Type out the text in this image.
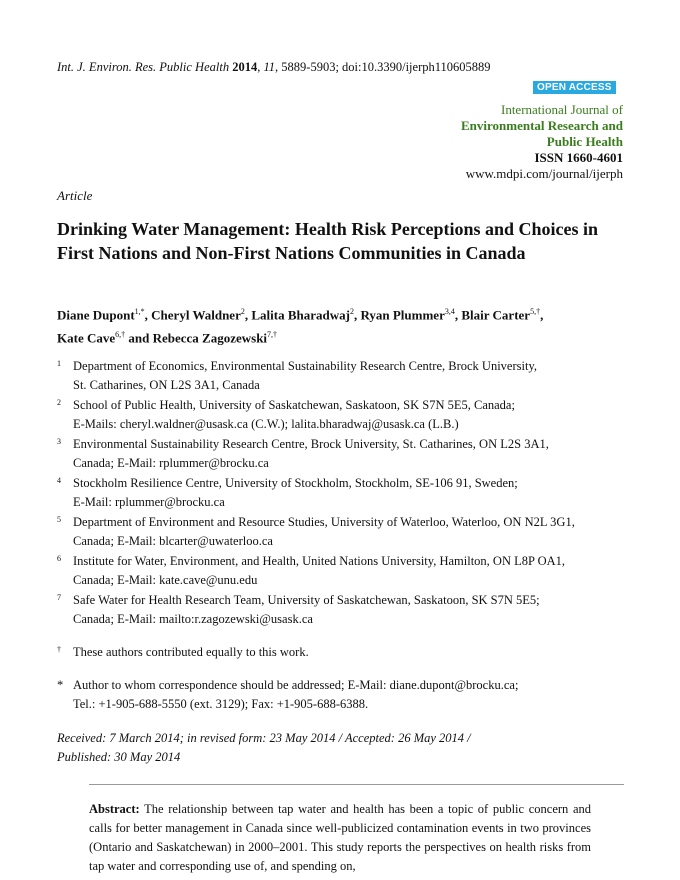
Int. J. Environ. Res. Public Health 2014, 11, 5889-5903; doi:10.3390/ijerph110605889
OPEN ACCESS
International Journal of
Environmental Research and
Public Health
ISSN 1660-4601
www.mdpi.com/journal/ijerph
Article
Drinking Water Management: Health Risk Perceptions and Choices in First Nations and Non-First Nations Communities in Canada
Diane Dupont$^{1,*}$, Cheryl Waldner$^2$, Lalita Bharadwaj$^2$, Ryan Plummer$^{3,4}$, Blair Carter$^{5,\dagger}$,
Kate Cave$^{6,\dagger}$ and Rebecca Zagozewski$^{7,\dagger}$
1 Department of Economics, Environmental Sustainability Research Centre, Brock University,
St. Catharines, ON L2S 3A1, Canada
2 School of Public Health, University of Saskatchewan, Saskatoon, SK S7N 5E5, Canada;
E-Mails: cheryl.waldner@usask.ca (C.W.); lalita.bharadwaj@usask.ca (L.B.)
3 Environmental Sustainability Research Centre, Brock University, St. Catharines, ON L2S 3A1,
Canada; E-Mail: rplummer@brocku.ca
4 Stockholm Resilience Centre, University of Stockholm, Stockholm, SE-106 91, Sweden;
E-Mail: rplummer@brocku.ca
5 Department of Environment and Resource Studies, University of Waterloo, Waterloo, ON N2L 3G1,
Canada; E-Mail: blcarter@uwaterloo.ca
6 Institute for Water, Environment, and Health, United Nations University, Hamilton, ON L8P OA1,
Canada; E-Mail: kate.cave@unu.edu
7 Safe Water for Health Research Team, University of Saskatchewan, Saskatoon, SK S7N 5E5;
Canada; E-Mail: mailto:r.zagozewski@usask.ca
† These authors contributed equally to this work.
* Author to whom correspondence should be addressed; E-Mail: diane.dupont@brocku.ca;
Tel.: +1-905-688-5550 (ext. 3129); Fax: +1-905-688-6388.
Received: 7 March 2014; in revised form: 23 May 2014 / Accepted: 26 May 2014 /
Published: 30 May 2014
Abstract: The relationship between tap water and health has been a topic of public concern and calls for better management in Canada since well-publicized contamination events in two provinces (Ontario and Saskatchewan) in 2000–2001. This study reports the perspectives on health risks from tap water and corresponding use of, and spending on,
